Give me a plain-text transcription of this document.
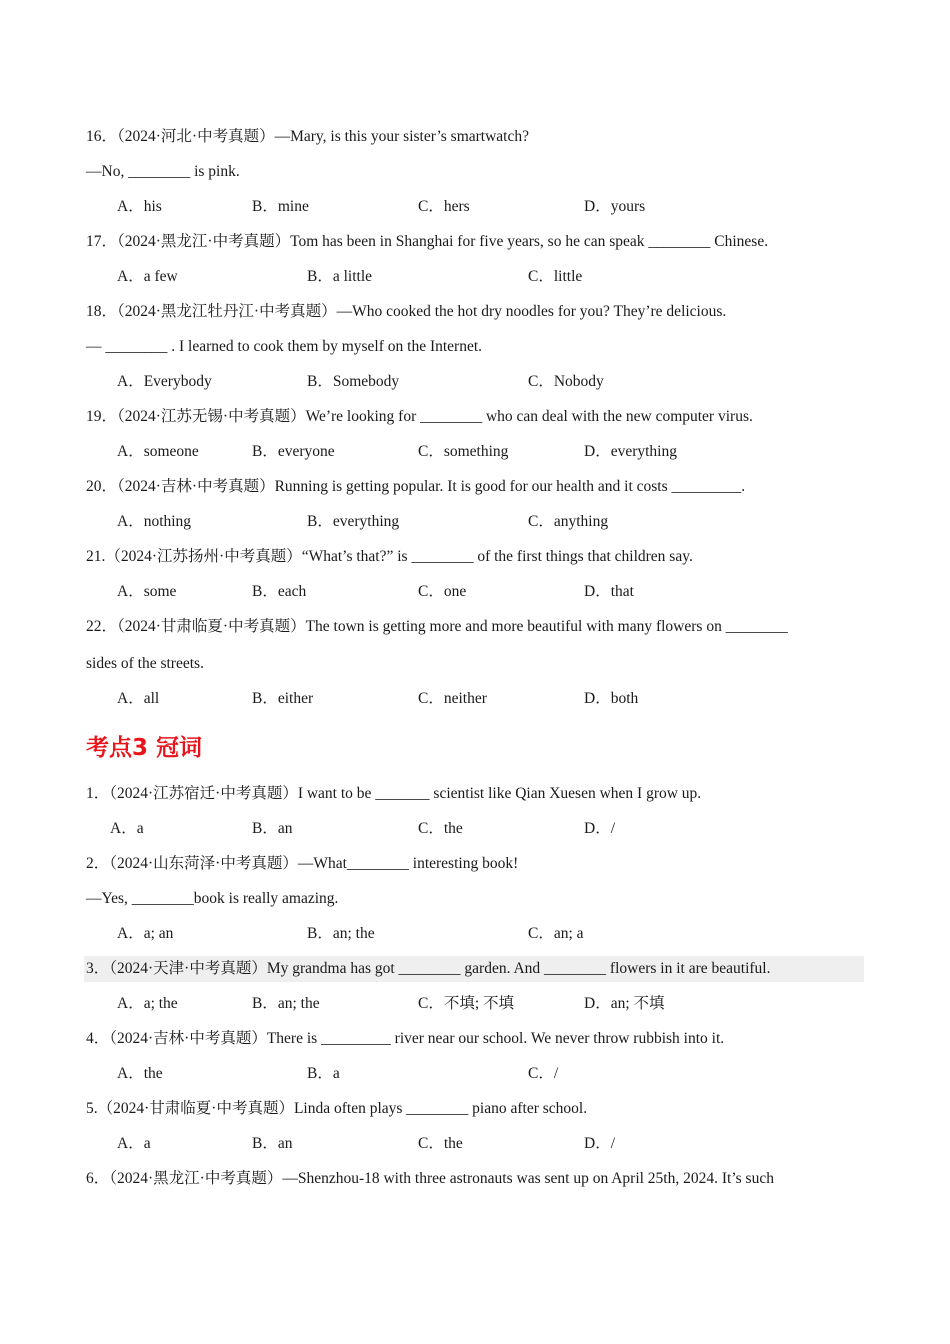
16．（2024·河北·中考真题）—Mary, is this your sister’s smartwatch?
—No, ________ is pink.
A．his	B．mine	C．hers	D．yours
17．（2024·黑龙江·中考真题）Tom has been in Shanghai for five years, so he can speak ________ Chinese.
A．a few	B．a little	C．little
18．（2024·黑龙江牡丹江·中考真题）—Who cooked the hot dry noodles for you? They’re delicious.
— ________ . I learned to cook them by myself on the Internet.
A．Everybody	B．Somebody	C．Nobody
19．（2024·江苏无锡·中考真题）We’re looking for ________ who can deal with the new computer virus.
A．someone	B．everyone	C．something	D．everything
20．（2024·吉林·中考真题）Running is getting popular. It is good for our health and it costs _________.
A．nothing	B．everything	C．anything
21.（2024·江苏扬州·中考真题）“What’s that?” is ________ of the first things that children say.
A．some	B．each	C．one	D．that
22．（2024·甘肃临夏·中考真题）The town is getting more and more beautiful with many flowers on ________
sides of the streets.
A．all	B．either	C．neither	D．both
考点3 冠词
1．（2024·江苏宿迁·中考真题）I want to be _______ scientist like Qian Xuesen when I grow up.
A．a	B．an	C．the	D．/
2．（2024·山东菏泽·中考真题）—What________ interesting book!
—Yes, ________book is really amazing.
A．a; an	B．an; the	C．an; a
3．（2024·天津·中考真题）My grandma has got ________ garden. And ________ flowers in it are beautiful.
A．a; the	B．an; the	C．不填; 不填	D．an; 不填
4．（2024·吉林·中考真题）There is _________ river near our school. We never throw rubbish into it.
A．the	B．a	C．/
5.（2024·甘肃临夏·中考真题）Linda often plays ________ piano after school.
A．a	B．an	C．the	D．/
6．（2024·黑龙江·中考真题）—Shenzhou-18 with three astronauts was sent up on April 25th, 2024. It’s such
